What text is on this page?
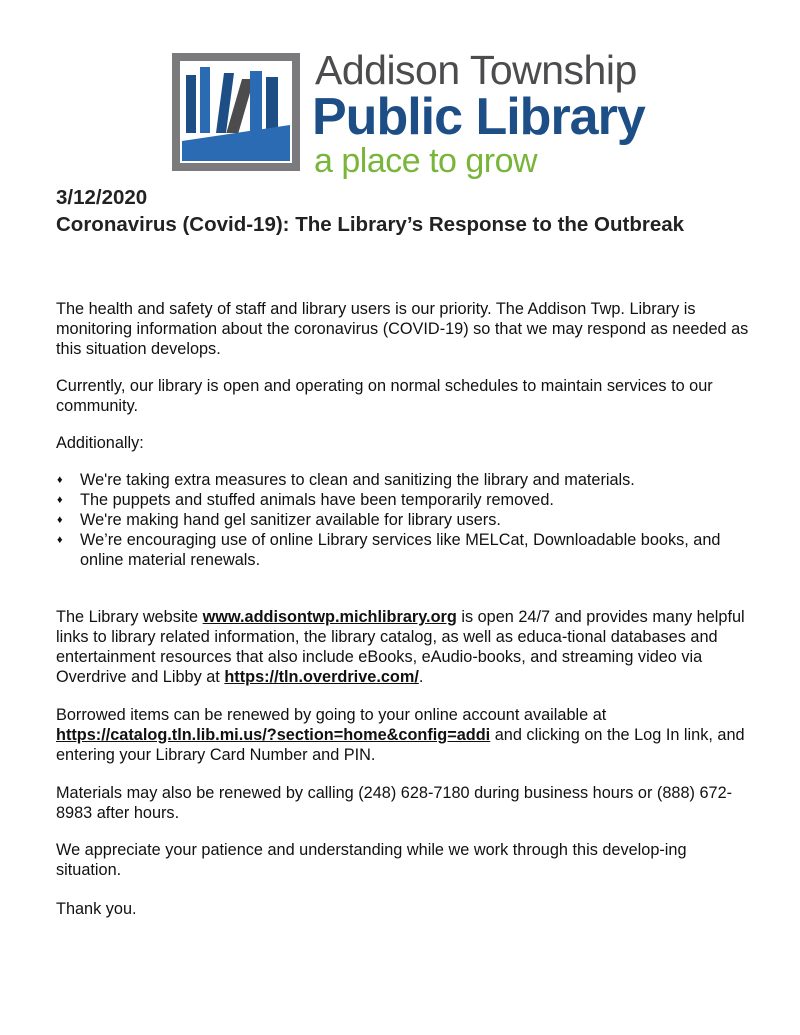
Addison Township
Public Library
a place to grow
3/12/2020
Coronavirus (Covid-19): The Library’s Response to the Outbreak

The health and safety of staff and library users is our priority. The Addison Twp. Library is monitoring information about the coronavirus (COVID-19) so that we may respond as needed as this situation develops.

Currently, our library is open and operating on normal schedules to maintain services to our community.

Additionally:

♦ We're taking extra measures to clean and sanitizing the library and materials.
♦ The puppets and stuffed animals have been temporarily removed.
♦ We're making hand gel sanitizer available for library users.
♦ We’re encouraging use of online Library services like MELCat, Downloadable books, and online material renewals.

The Library website www.addisontwp.michlibrary.org is open 24/7 and provides many helpful links to library related information, the library catalog, as well as educa-tional databases and entertainment resources that also include eBooks, eAudio-books, and streaming video via Overdrive and Libby at https://tln.overdrive.com/.

Borrowed items can be renewed by going to your online account available at https://catalog.tln.lib.mi.us/?section=home&config=addi and clicking on the Log In link, and entering your Library Card Number and PIN.

Materials may also be renewed by calling (248) 628-7180 during business hours or (888) 672-8983 after hours.

We appreciate your patience and understanding while we work through this develop-ing situation.

Thank you.
